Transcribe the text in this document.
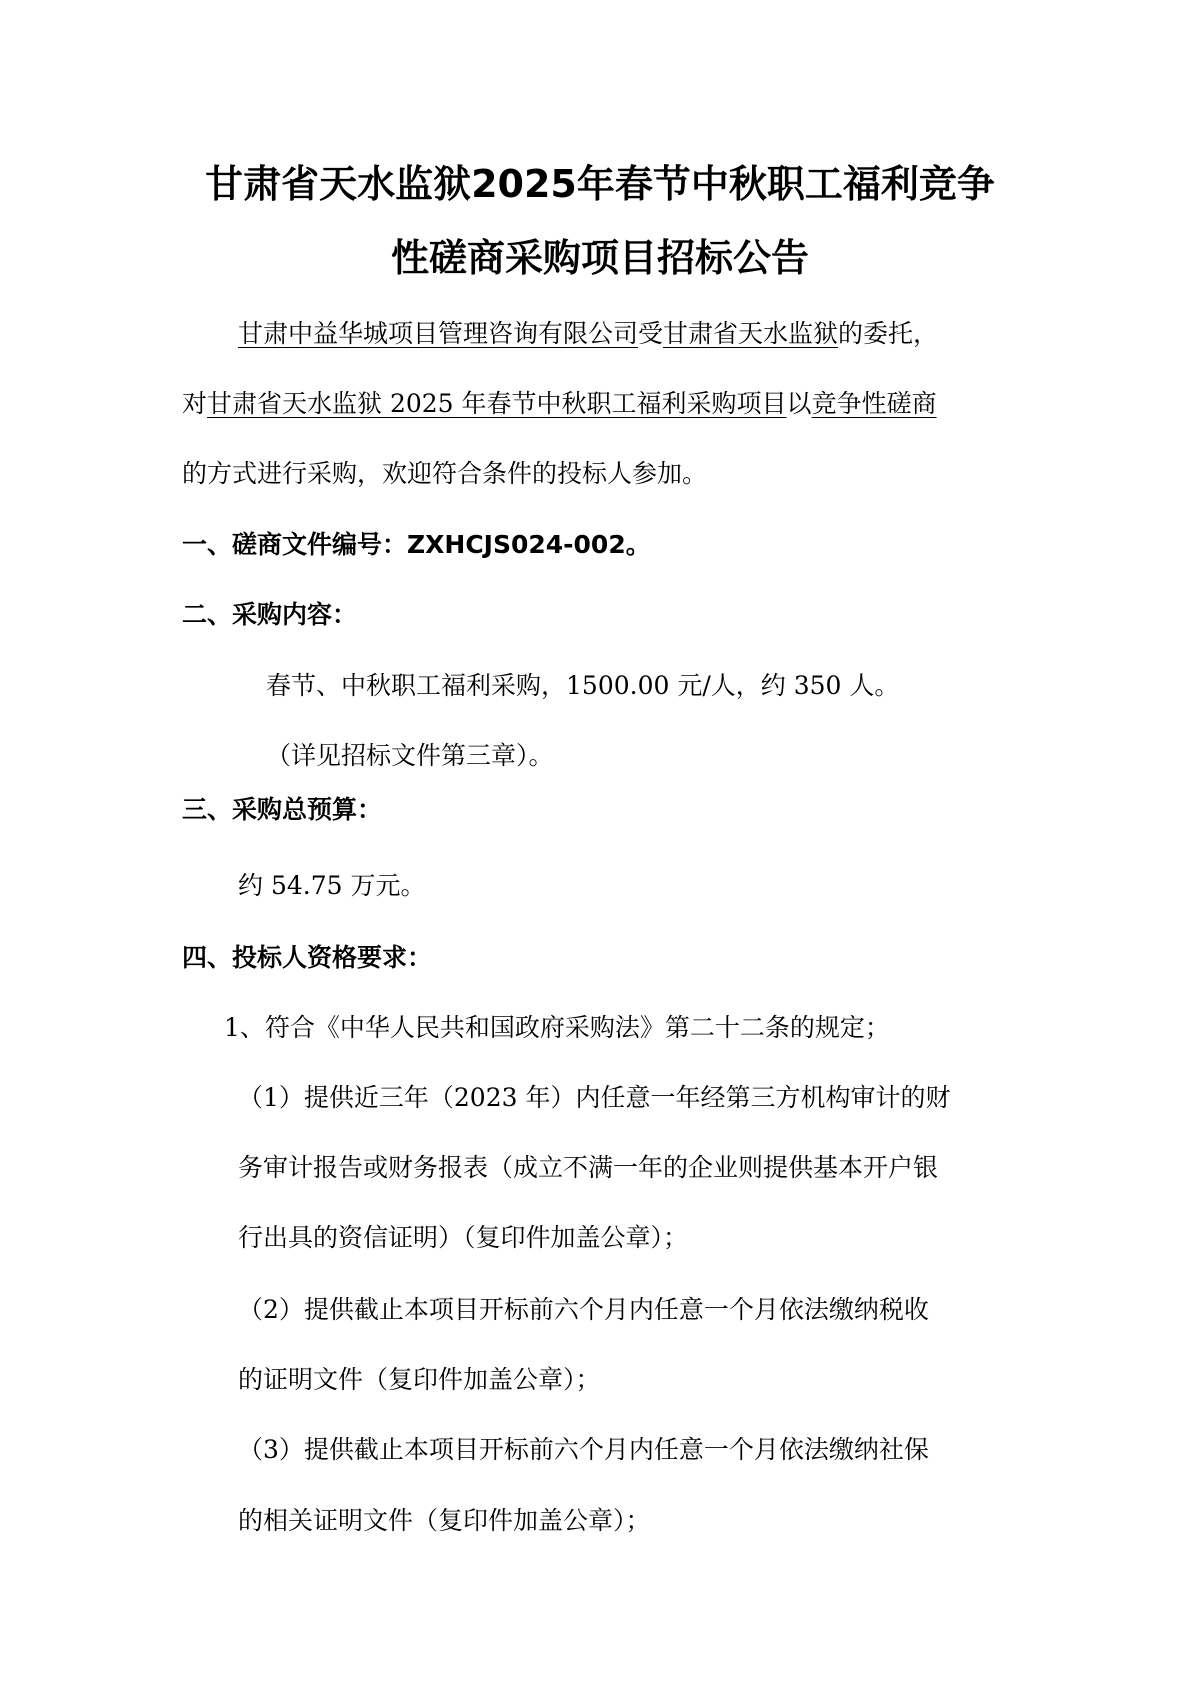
甘肃省天水监狱2025年春节中秋职工福利竞争
性磋商采购项目招标公告
甘肃中益华城项目管理咨询有限公司受甘肃省天水监狱的委托，
对甘肃省天水监狱 2025 年春节中秋职工福利采购项目以竞争性磋商
的方式进行采购，欢迎符合条件的投标人参加。
一、磋商文件编号：ZXHCJS024-002。
二、采购内容：
春节、中秋职工福利采购，1500.00 元/人，约 350 人。
（详见招标文件第三章）。
三、采购总预算：
约 54.75 万元。
四、投标人资格要求：
1、符合《中华人民共和国政府采购法》第二十二条的规定；
（1）提供近三年（2023 年）内任意一年经第三方机构审计的财
务审计报告或财务报表（成立不满一年的企业则提供基本开户银
行出具的资信证明）（复印件加盖公章）；
（2）提供截止本项目开标前六个月内任意一个月依法缴纳税收
的证明文件（复印件加盖公章）；
（3）提供截止本项目开标前六个月内任意一个月依法缴纳社保
的相关证明文件（复印件加盖公章）；
